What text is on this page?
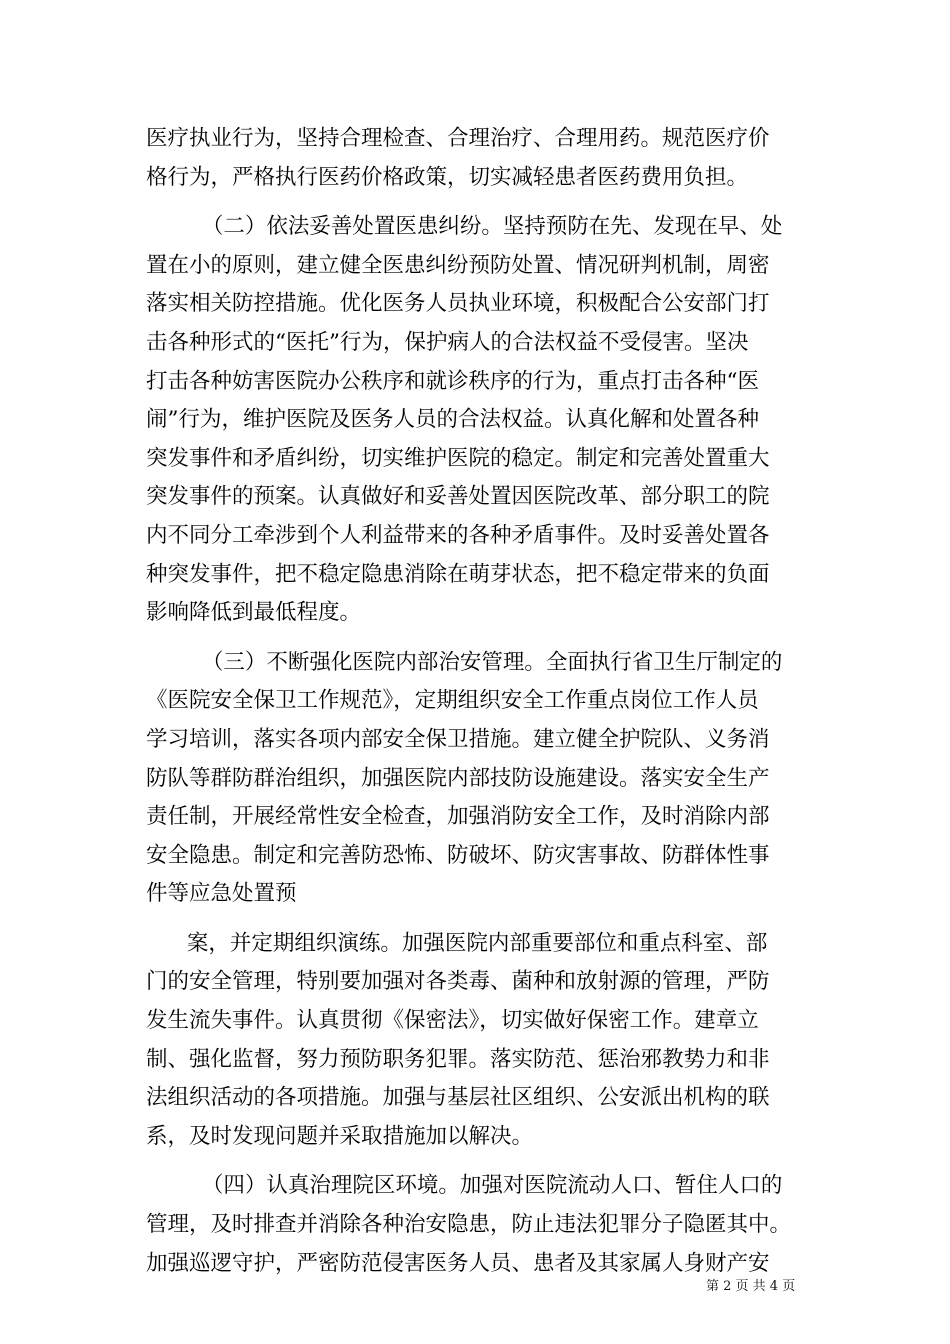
医疗执业行为，坚持合理检查、合理治疗、合理用药。规范医疗价
格行为，严格执行医药价格政策，切实减轻患者医药费用负担。
（二）依法妥善处置医患纠纷。坚持预防在先、发现在早、处
置在小的原则，建立健全医患纠纷预防处置、情况研判机制，周密
落实相关防控措施。优化医务人员执业环境，积极配合公安部门打
击各种形式的“医托”行为，保护病人的合法权益不受侵害。坚决
打击各种妨害医院办公秩序和就诊秩序的行为，重点打击各种“医
闹”行为，维护医院及医务人员的合法权益。认真化解和处置各种
突发事件和矛盾纠纷，切实维护医院的稳定。制定和完善处置重大
突发事件的预案。认真做好和妥善处置因医院改革、部分职工的院
内不同分工牵涉到个人利益带来的各种矛盾事件。及时妥善处置各
种突发事件，把不稳定隐患消除在萌芽状态，把不稳定带来的负面
影响降低到最低程度。
（三）不断强化医院内部治安管理。全面执行省卫生厅制定的
《医院安全保卫工作规范》，定期组织安全工作重点岗位工作人员
学习培训，落实各项内部安全保卫措施。建立健全护院队、义务消
防队等群防群治组织，加强医院内部技防设施建设。落实安全生产
责任制，开展经常性安全检查，加强消防安全工作，及时消除内部
安全隐患。制定和完善防恐怖、防破坏、防灾害事故、防群体性事
件等应急处置预
案，并定期组织演练。加强医院内部重要部位和重点科室、部
门的安全管理，特别要加强对各类毒、菌种和放射源的管理，严防
发生流失事件。认真贯彻《保密法》，切实做好保密工作。建章立
制、强化监督，努力预防职务犯罪。落实防范、惩治邪教势力和非
法组织活动的各项措施。加强与基层社区组织、公安派出机构的联
系，及时发现问题并采取措施加以解决。
（四）认真治理院区环境。加强对医院流动人口、暂住人口的
管理，及时排查并消除各种治安隐患，防止违法犯罪分子隐匿其中。
加强巡逻守护，严密防范侵害医务人员、患者及其家属人身财产安
第 2 页 共 4 页
